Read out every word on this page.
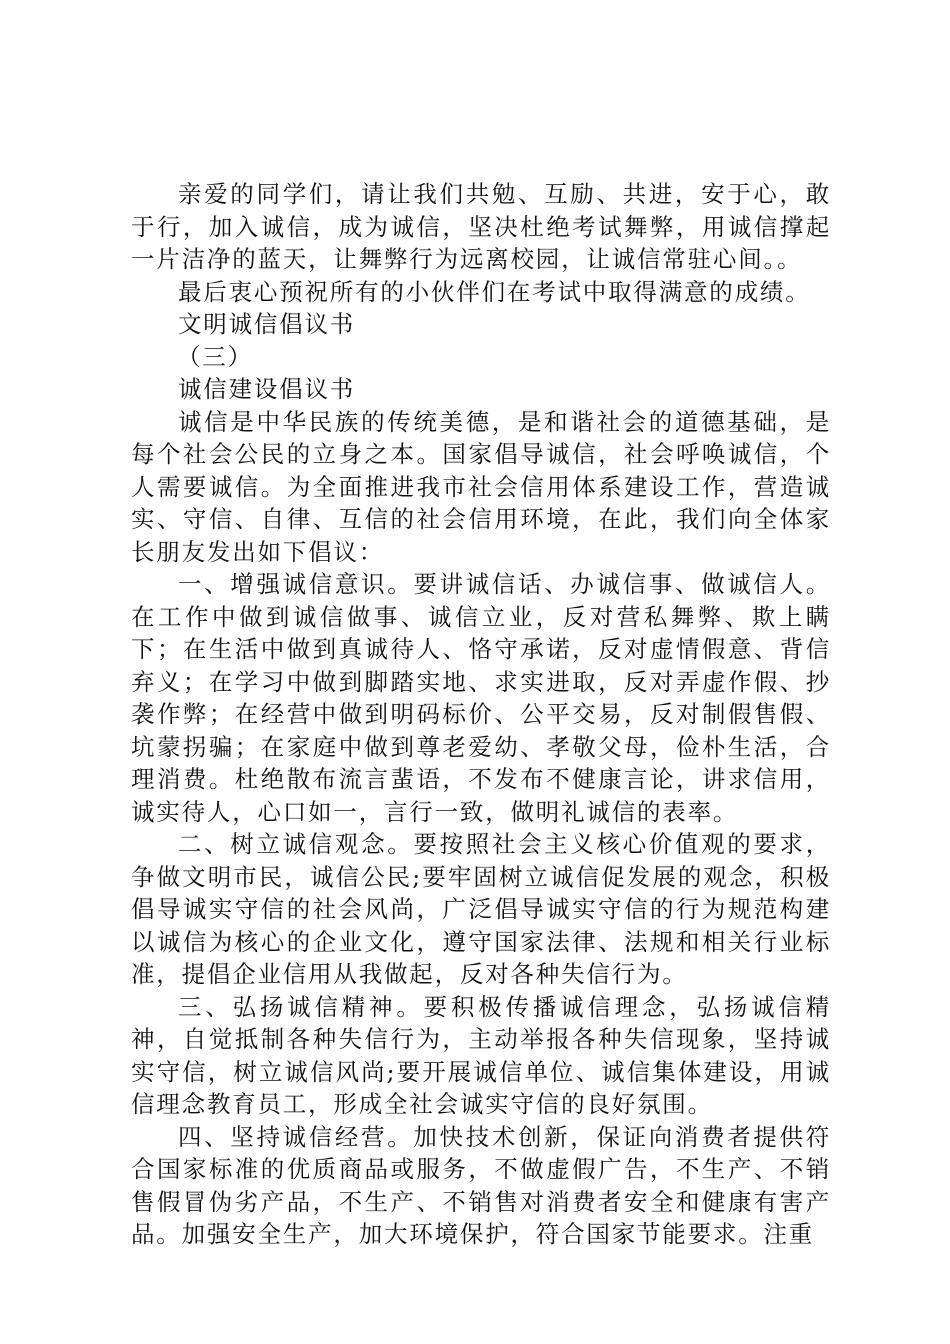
亲爱的同学们，请让我们共勉、互励、共进，安于心，敢于行，加入诚信，成为诚信，坚决杜绝考试舞弊，用诚信撑起一片洁净的蓝天，让舞弊行为远离校园，让诚信常驻心间。。

最后衷心预祝所有的小伙伴们在考试中取得满意的成绩。

文明诚信倡议书

（三）

诚信建设倡议书

诚信是中华民族的传统美德，是和谐社会的道德基础，是每个社会公民的立身之本。国家倡导诚信，社会呼唤诚信，个人需要诚信。为全面推进我市社会信用体系建设工作，营造诚实、守信、自律、互信的社会信用环境，在此，我们向全体家长朋友发出如下倡议：

一、增强诚信意识。要讲诚信话、办诚信事、做诚信人。在工作中做到诚信做事、诚信立业，反对营私舞弊、欺上瞒下；在生活中做到真诚待人、恪守承诺，反对虚情假意、背信弃义；在学习中做到脚踏实地、求实进取，反对弄虚作假、抄袭作弊；在经营中做到明码标价、公平交易，反对制假售假、坑蒙拐骗；在家庭中做到尊老爱幼、孝敬父母，俭朴生活，合理消费。杜绝散布流言蜚语，不发布不健康言论，讲求信用，诚实待人，心口如一，言行一致，做明礼诚信的表率。

二、树立诚信观念。要按照社会主义核心价值观的要求，争做文明市民，诚信公民;要牢固树立诚信促发展的观念，积极倡导诚实守信的社会风尚，广泛倡导诚实守信的行为规范构建以诚信为核心的企业文化，遵守国家法律、法规和相关行业标准，提倡企业信用从我做起，反对各种失信行为。

三、弘扬诚信精神。要积极传播诚信理念，弘扬诚信精神，自觉抵制各种失信行为，主动举报各种失信现象，坚持诚实守信，树立诚信风尚;要开展诚信单位、诚信集体建设，用诚信理念教育员工，形成全社会诚实守信的良好氛围。

四、坚持诚信经营。加快技术创新，保证向消费者提供符合国家标准的优质商品或服务，不做虚假广告，不生产、不销售假冒伪劣产品，不生产、不销售对消费者安全和健康有害产品。加强安全生产，加大环境保护，符合国家节能要求。注重
